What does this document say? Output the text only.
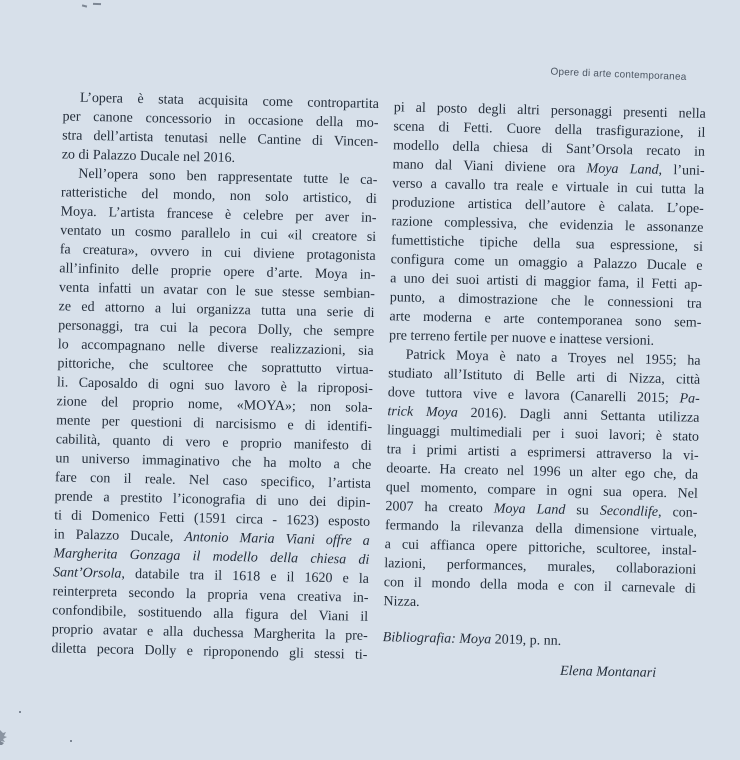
Opere di arte contemporanea
L’opera è stata acquisita come contropartita
per canone concessorio in occasione della mo-
stra dell’artista tenutasi nelle Cantine di Vincen-
zo di Palazzo Ducale nel 2016.
Nell’opera sono ben rappresentate tutte le ca-
ratteristiche del mondo, non solo artistico, di
Moya. L’artista francese è celebre per aver in-
ventato un cosmo parallelo in cui «il creatore si
fa creatura», ovvero in cui diviene protagonista
all’infinito delle proprie opere d’arte. Moya in-
venta infatti un avatar con le sue stesse sembian-
ze ed attorno a lui organizza tutta una serie di
personaggi, tra cui la pecora Dolly, che sempre
lo accompagnano nelle diverse realizzazioni, sia
pittoriche, che scultoree che soprattutto virtua-
li. Caposaldo di ogni suo lavoro è la riproposi-
zione del proprio nome, «MOYA»; non sola-
mente per questioni di narcisismo e di identifi-
cabilità, quanto di vero e proprio manifesto di
un universo immaginativo che ha molto a che
fare con il reale. Nel caso specifico, l’artista
prende a prestito l’iconografia di uno dei dipin-
ti di Domenico Fetti (1591 circa - 1623) esposto
in Palazzo Ducale, Antonio Maria Viani offre a
Margherita Gonzaga il modello della chiesa di
Sant’Orsola, databile tra il 1618 e il 1620 e la
reinterpreta secondo la propria vena creativa in-
confondibile, sostituendo alla figura del Viani il
proprio avatar e alla duchessa Margherita la pre-
diletta pecora Dolly e riproponendo gli stessi ti-
pi al posto degli altri personaggi presenti nella
scena di Fetti. Cuore della trasfigurazione, il
modello della chiesa di Sant’Orsola recato in
mano dal Viani diviene ora Moya Land, l’uni-
verso a cavallo tra reale e virtuale in cui tutta la
produzione artistica dell’autore è calata. L’ope-
razione complessiva, che evidenzia le assonanze
fumettistiche tipiche della sua espressione, si
configura come un omaggio a Palazzo Ducale e
a uno dei suoi artisti di maggior fama, il Fetti ap-
punto, a dimostrazione che le connessioni tra
arte moderna e arte contemporanea sono sem-
pre terreno fertile per nuove e inattese versioni.
Patrick Moya è nato a Troyes nel 1955; ha
studiato all’Istituto di Belle arti di Nizza, città
dove tuttora vive e lavora (Canarelli 2015; Pa-
trick Moya 2016). Dagli anni Settanta utilizza
linguaggi multimediali per i suoi lavori; è stato
tra i primi artisti a esprimersi attraverso la vi-
deoarte. Ha creato nel 1996 un alter ego che, da
quel momento, compare in ogni sua opera. Nel
2007 ha creato Moya Land su Secondlife, con-
fermando la rilevanza della dimensione virtuale,
a cui affianca opere pittoriche, scultoree, instal-
lazioni, performances, murales, collaborazioni
con il mondo della moda e con il carnevale di
Nizza.
Bibliografia: Moya 2019, p. nn.
Elena Montanari
